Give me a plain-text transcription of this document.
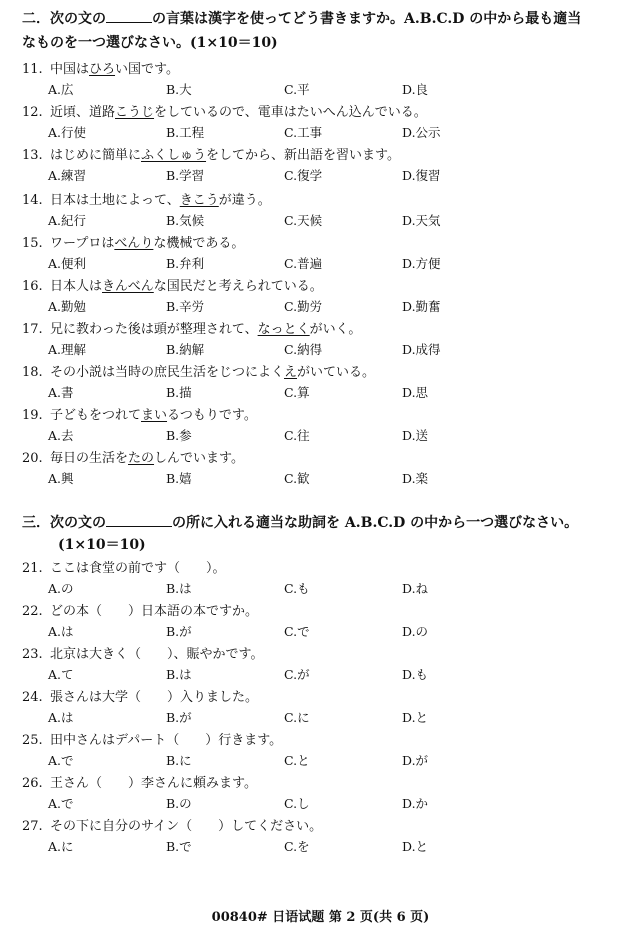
二．次の文の	の言葉は漢字を使ってどう書きますか。A.B.C.D の中から最も適当
なものを一つ選びなさい。(1×10＝10)
11. 中国はひろい国です。
A.広	B.大	C.平	D.良
12. 近頃、道路こうじをしているので、電車はたいへん込んでいる。
A.行使	B.工程	C.工事	D.公示
13. はじめに簡単にふくしゅうをしてから、新出語を習います。
A.練習	B.学習	C.復学	D.復習
14. 日本は土地によって、きこうが違う。
A.紀行	B.気候	C.天候	D.天気
15. ワープロはべんりな機械である。
A.便利	B.弁利	C.普遍	D.方便
16. 日本人はきんべんな国民だと考えられている。
A.勤勉	B.辛労	C.勤労	D.勤奮
17. 兄に教わった後は頭が整理されて、なっとくがいく。
A.理解	B.納解	C.納得	D.成得
18. その小説は当時の庶民生活をじつによくえがいている。
A.書	B.描	C.算	D.思
19. 子どもをつれてまいるつもりです。
A.去	B.参	C.往	D.送
20. 毎日の生活をたのしんでいます。
A.興	B.嬉	C.歓	D.楽
三．次の文の	の所に入れる適当な助詞を A.B.C.D の中から一つ選びなさい。
(1×10＝10)
21. ここは食堂の前です（　　）。
A.の	B.は	C.も	D.ね
22. どの本（　　）日本語の本ですか。
A.は	B.が	C.で	D.の
23. 北京は大きく（　　）、賑やかです。
A.て	B.は	C.が	D.も
24. 張さんは大学（　　）入りました。
A.は	B.が	C.に	D.と
25. 田中さんはデパート（　　）行きます。
A.で	B.に	C.と	D.が
26. 王さん（　　）李さんに頼みます。
A.で	B.の	C.し	D.か
27. その下に自分のサイン（　　）してください。
A.に	B.で	C.を	D.と
00840# 日语试题 第 2 页(共 6 页)
